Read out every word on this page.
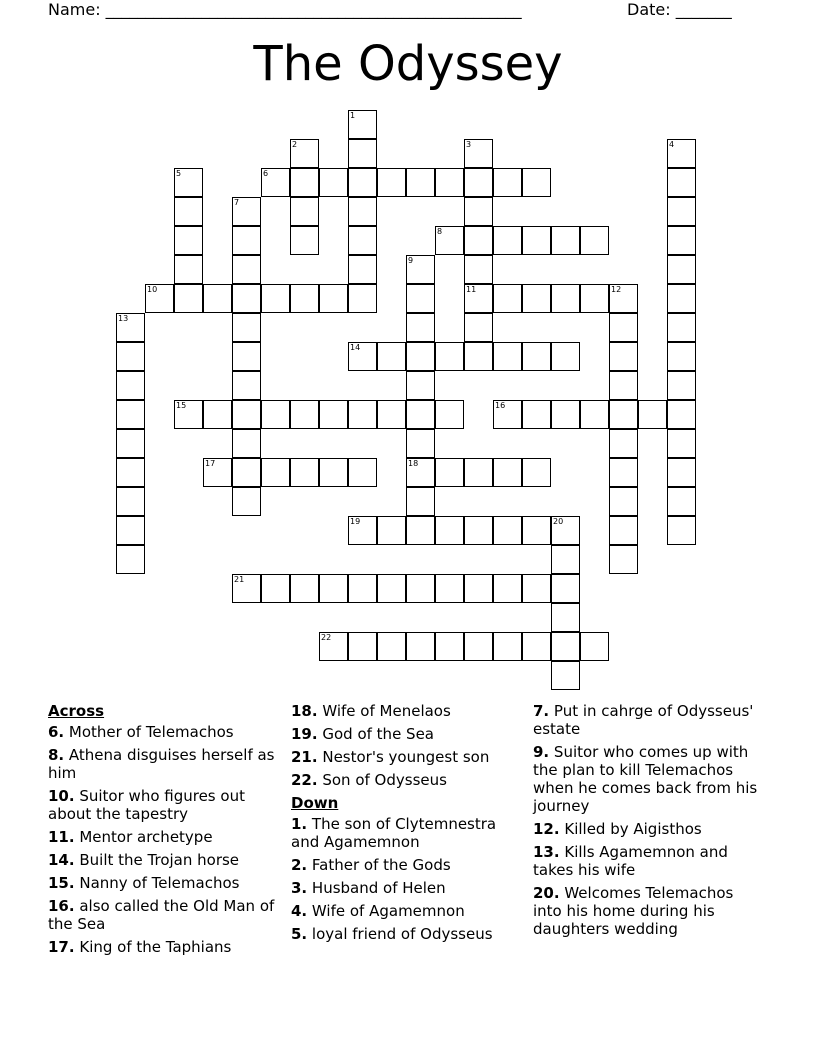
Name: ____________________________________________________	Date: _______
The Odyssey
6
8
10	11	12
14
15	16
17	18
19	20
21
22
1
2	3	4
5
7
9
13
Across
6. Mother of Telemachos
8. Athena disguises herself as him
10. Suitor who figures out about the tapestry
11. Mentor archetype
14. Built the Trojan horse
15. Nanny of Telemachos
16. also called the Old Man of the Sea
17. King of the Taphians
18. Wife of Menelaos
19. God of the Sea
21. Nestor's youngest son
22. Son of Odysseus
Down
1. The son of Clytemnestra and Agamemnon
2. Father of the Gods
3. Husband of Helen
4. Wife of Agamemnon
5. loyal friend of Odysseus
7. Put in cahrge of Odysseus' estate
9. Suitor who comes up with the plan to kill Telemachos when he comes back from his journey
12. Killed by Aigisthos
13. Kills Agamemnon and takes his wife
20. Welcomes Telemachos into his home during his daughters wedding
